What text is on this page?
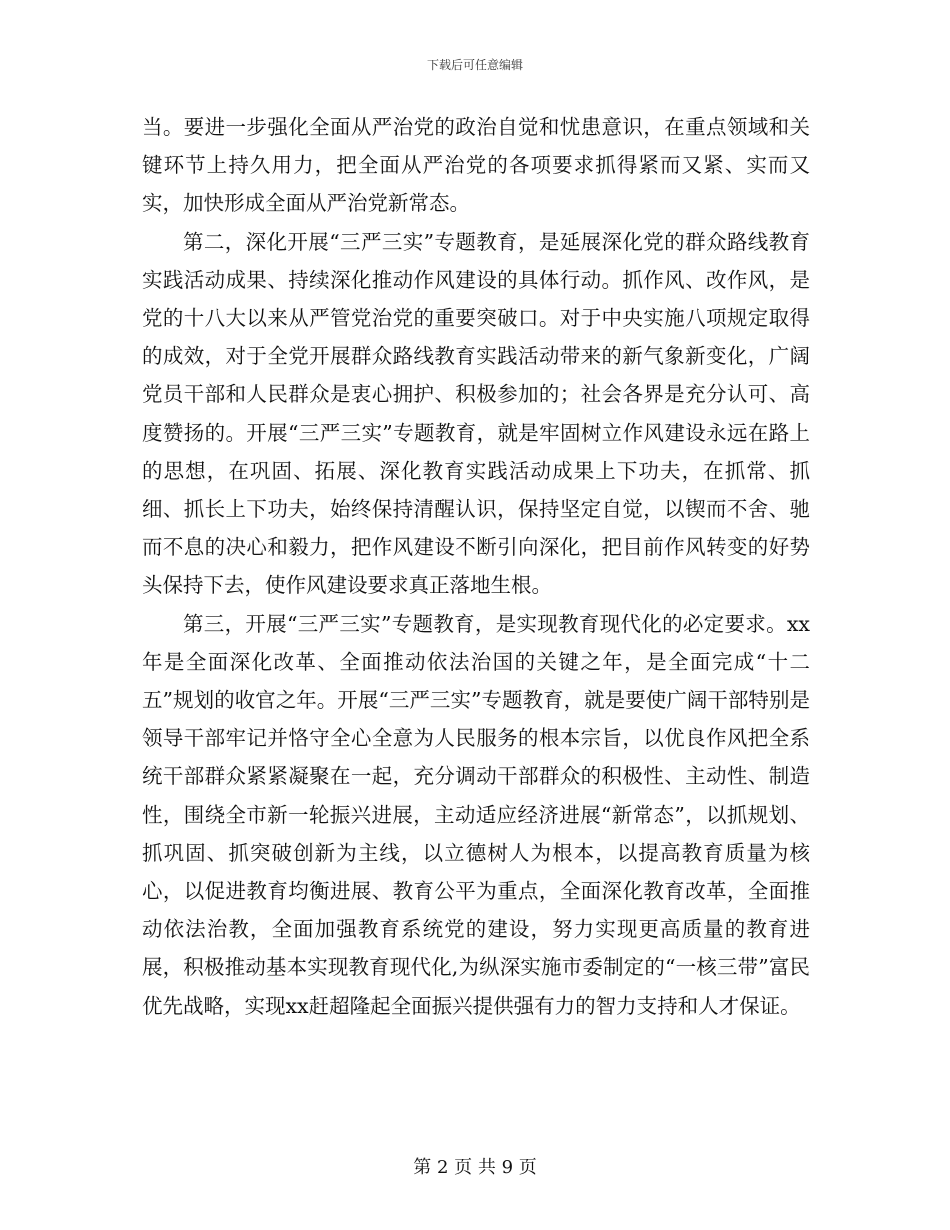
下载后可任意编辑

当。要进一步强化全面从严治党的政治自觉和忧患意识，在重点领域和关键环节上持久用力，把全面从严治党的各项要求抓得紧而又紧、实而又实，加快形成全面从严治党新常态。

第二，深化开展“三严三实”专题教育，是延展深化党的群众路线教育实践活动成果、持续深化推动作风建设的具体行动。抓作风、改作风，是党的十八大以来从严管党治党的重要突破口。对于中央实施八项规定取得的成效，对于全党开展群众路线教育实践活动带来的新气象新变化，广阔党员干部和人民群众是衷心拥护、积极参加的；社会各界是充分认可、高度赞扬的。开展“三严三实”专题教育，就是牢固树立作风建设永远在路上的思想，在巩固、拓展、深化教育实践活动成果上下功夫，在抓常、抓细、抓长上下功夫，始终保持清醒认识，保持坚定自觉，以锲而不舍、驰而不息的决心和毅力，把作风建设不断引向深化，把目前作风转变的好势头保持下去，使作风建设要求真正落地生根。

第三，开展“三严三实”专题教育，是实现教育现代化的必定要求。xx年是全面深化改革、全面推动依法治国的关键之年，是全面完成“十二五”规划的收官之年。开展“三严三实”专题教育，就是要使广阔干部特别是领导干部牢记并恪守全心全意为人民服务的根本宗旨，以优良作风把全系统干部群众紧紧凝聚在一起，充分调动干部群众的积极性、主动性、制造性，围绕全市新一轮振兴进展，主动适应经济进展“新常态”，以抓规划、抓巩固、抓突破创新为主线，以立德树人为根本，以提高教育质量为核心，以促进教育均衡进展、教育公平为重点，全面深化教育改革，全面推动依法治教，全面加强教育系统党的建设，努力实现更高质量的教育进展，积极推动基本实现教育现代化,为纵深实施市委制定的“一核三带”富民优先战略，实现xx赶超隆起全面振兴提供强有力的智力支持和人才保证。

第 2 页 共 9 页
